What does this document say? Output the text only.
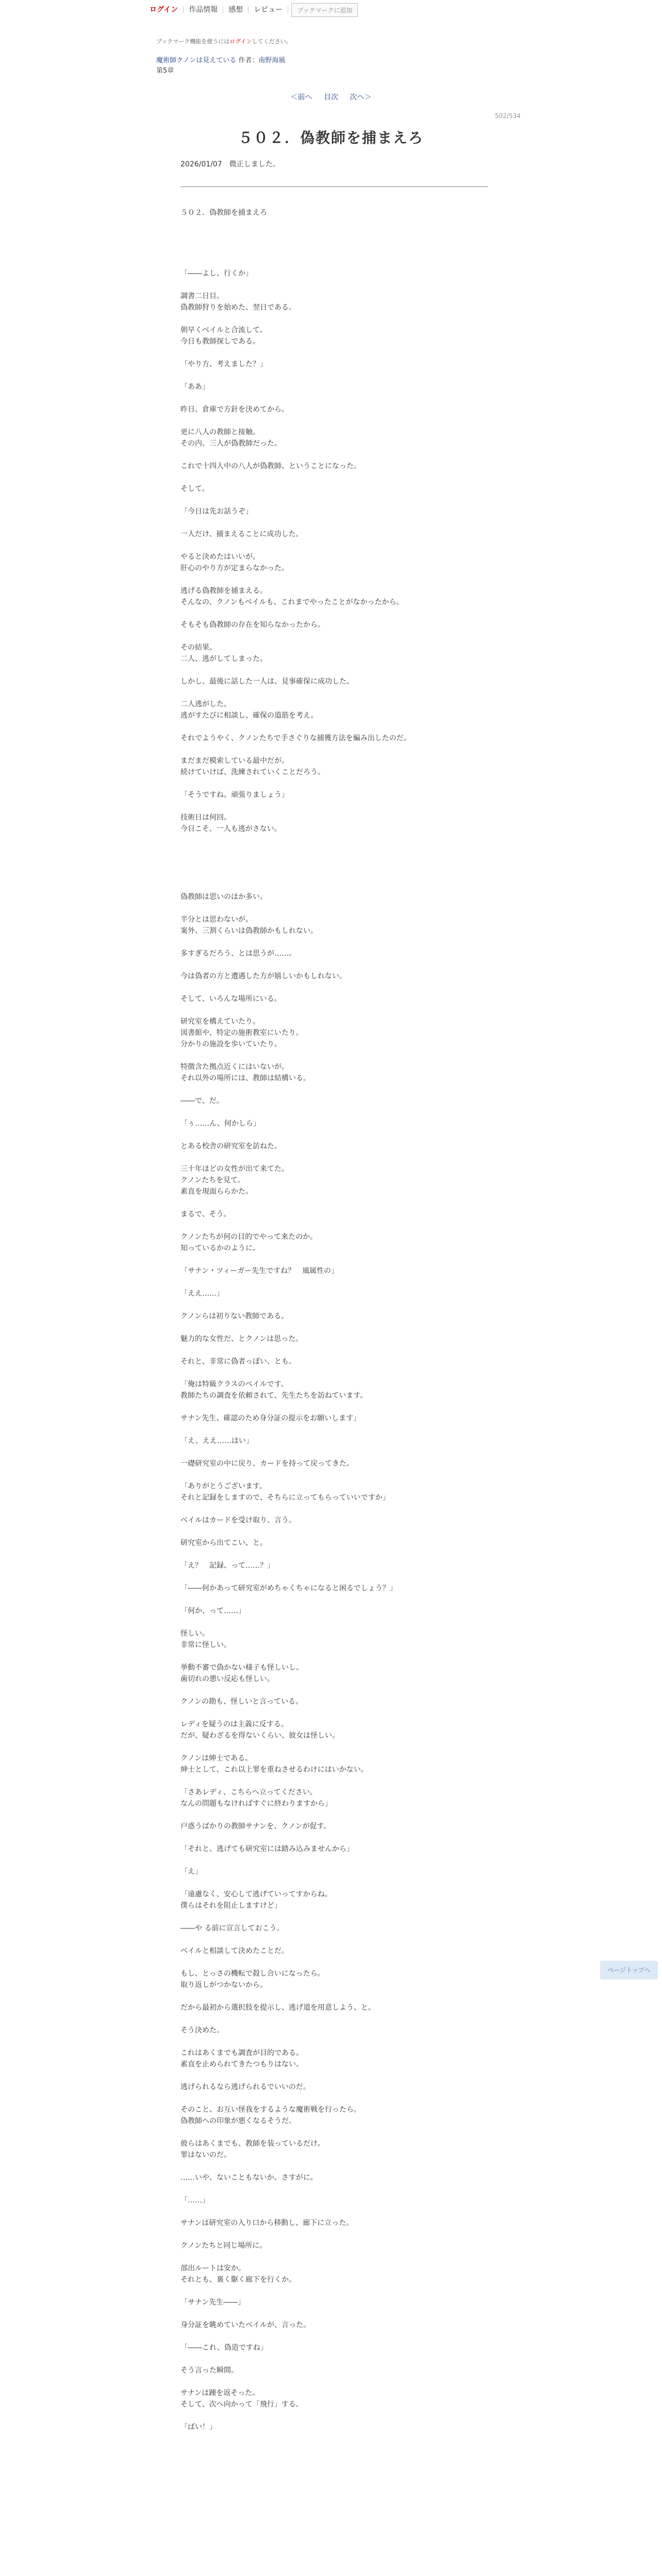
ログイン	作品情報	感想	レビュー	ブックマークに追加
ブックマーク機能を使うにはログインしてください。
魔術師クノンは見えている 作者：南野海風
第5章
＜前へ 目次 次へ＞
502/534
５０２．偽教師を捕まえろ
2026/01/07　微正しました。
５０２．偽教師を捕まえろ

「――よし、行くか」

調書二日目。

偽教師狩りを始めた、翌日である。

朝早くベイルと合流して。

今日も教師探しである。

「やり方、考えました？」

「ああ」

昨日、倉庫で方針を決めてから。

更に八人の教師と接触。

その内、三人が偽教師だった。

これで十四人中の八人が偽教師、ということになった。

そして。

「今日は先お話うぞ」

一人だけ、捕まえることに成功した。

やると決めたはいいが。

肝心のやり方が定まらなかった。

逃げる偽教師を捕まえる。

そんなの、クノンもベイルも、これまでやったことがなかったから。

そもそも偽教師の存在を知らなかったから。

その結果。

二人、逃がしてしまった。

しかし、最後に話した一人は、見事確保に成功した。

二人逃がした。

逃がすたびに相談し、確保の道筋を考え。

それでようやく、クノンたちで手さぐりな捕獲方法を編み出したのだ。

まだまだ模索している最中だが。

続けていけば、洗練されていくことだろう。

「そうですね。頑張りましょう」

技術日は何回。

今日こそ、一人も逃がさない。

偽教師は思いのほか多い。

半分とは思わないが。

案外、三割くらいは偽教師かもしれない。

多すぎるだろう、とは思うが……。

今は偽者の方と遭遇した方が嬉しいかもしれない。

そして、いろんな場所にいる。

研究室を構えていたり。

図書館や、特定の施術教室にいたり。

分かりの施設を歩いていたり。

特徴含た拠点近くにはいないが。

それ以外の場所には、教師は結構いる。

――で、だ。

「ぅ……ん、何かしら」

とある校舎の研究室を訪ねた。

三十年ほどの女性が出て来てた。

クノンたちを見て。

素直を現面ららかた。

まるで、そう。

クノンたちが何の目的でやって来たのか。

知っているかのように。

「サナン・ツィーガー先生ですね？　風属性の」

「ええ……」

クノンらは初りない教師である。

魅力的な女性だ、とクノンは思った。

それと、非常に偽者っぽい、とも。

「俺は特級クラスのベイルです。

教師たちの調査を依頼されて、先生たちを訪ねています。

サナン先生、確認のため身分証の提示をお願いします」

「え、ええ……はい」

一礎研究室の中に戻り、カードを持って戻ってきた。

「ありがとうございます。

それと記録をしますので、そちらに立ってもらっていいですか」

ベイルはカードを受け取り、言う。

研究室から出てこい、と。

「え？　記録、って……？」

「――何かあって研究室がめちゃくちゃになると困るでしょう？」

「何か、って……」

怪しい。

非常に怪しい。

挙動不審で偽かない様子も怪しいし。

歯切れの悪い反応も怪しい。

クノンの勘も、怪しいと言っている。

レディを疑うのは主義に反する。

だが、疑わざるを得ないくらい、彼女は怪しい。

クノンは紳士である。

紳士として、これ以上罪を重ねさせるわけにはいかない。

「さあレディ、こちらへ立ってください。

なんの問題もなければすぐに終わりますから」

戸惑うばかりの教師サナンを、クノンが促す。

「それと、逃げても研究室には踏み込みませんから」

「え」

「遠慮なく、安心して逃げていってすからね。

僕らはそれを阻止しますけど」

――や る前に宣言しておこう。

ベイルと相談して決めたことだ。

もし、とっさの機転で殺し合いになったら。

取り返しがつかないから。

だから最初から選択肢を提示し、逃げ道を用意しよう、と。

そう決めた。

これはあくまでも調査が目的である。

素直を止められてきたつもりはない。

逃げられるなら逃げられるでいいのだ。

そのこと、お互い怪我をするような魔術戦を行ったら。

偽教師への印象が悪くなるそうだ。

彼らはあくまでも、教師を装っているだけ。

罪はないのだ。

……いや、ないこともないか。さすがに。

「……」

サナンは研究室の入り口から移動し、廊下に立った。

クノンたちと同じ場所に。

部出ルートは安か。

それとも、裏く駆く廊下を行くか。

「サナン先生――」

身分証を眺めていたベイルが、言った。

「――これ、偽造ですね」

そう言った瞬間。

サナンは踵を返そった。

そして、次へ向かって「飛行」する。

「ばい！」

ページトップへ
